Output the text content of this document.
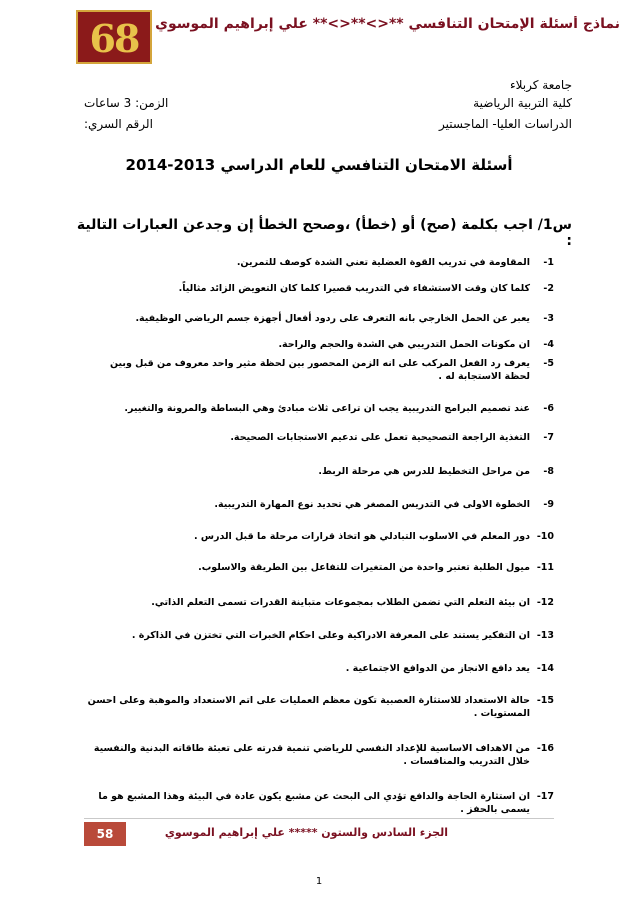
68	نماذج أسئلة الإمتحان التنافسي **<>**<>** علي إبراهيم الموسوي
جامعة كربلاء
كلية التربية الرياضية
الدراسات العليا- الماجستير
الزمن: 3 ساعات
الرقم السري:
أسئلة الامتحان التنافسي للعام الدراسي 2013-2014
س1/ اجب بكلمة (صح) أو (خطأ) ،وصحح الخطأ إن وجدعن العبارات التالية :
1-
المقاومة في تدريب القوة العضلية تعني الشدة كوصف للتمرين.
2-
كلما كان وقت الاستشفاء في التدريب قصيرا كلما كان التعويض الزائد مثالياً.
3-
يعبر عن الحمل الخارجي بانه التعرف على ردود أفعال أجهزة جسم الرياضي الوظيفية.
4-
ان مكونات الحمل التدريبي هي الشدة والحجم والراحة.
5-
يعرف رد الفعل المركب على انه الزمن المحصور بين لحظة مثير واحد معروف من قبل وبين لحظة الاستجابة له .
6-
عند تصميم البرامج التدريبية يجب ان تراعى ثلاث مبادئ وهي البساطة والمرونة والتغيير.
7-
التغذية الراجعة التصحيحية تعمل على تدعيم الاستجابات الصحيحة.
8-
من مراحل التخطيط للدرس هي مرحلة الربط.
9-
الخطوة الاولى في التدريس المصغر هي تحديد نوع المهارة التدريبية.
10-
دور المعلم في الاسلوب التبادلي هو اتخاذ قرارات مرحلة ما قبل الدرس .
11-
ميول الطلبة تعتبر واحدة من المتغيرات للتفاعل بين الطريقة والاسلوب.
12-
ان بيئة التعلم التي تضمن الطلاب بمجموعات متباينة القدرات تسمى التعلم الذاتي.
13-
ان التفكير يستند على المعرفة الادراكية وعلى احكام الخبرات التي تختزن في الذاكرة .
14-
يعد دافع الانجاز من الدوافع الاجتماعية .
15-
حالة الاستعداد للاستثارة العصبية تكون معظم العمليات على اتم الاستعداد والموهبة وعلى احسن المستويات .
16-
من الاهداف الاساسية للإعداد النفسي للرياضي تنمية قدرته على تعبئة طاقاته البدنية والنفسية خلال التدريب والمنافسات .
17-
ان استثارة الحاجة والدافع تؤدي الى البحث عن مشبع يكون عادة في البيئة وهذا المشبع هو ما يسمى بالحفز .
58	الجزء السادس والستون ***** علي إبراهيم الموسوي
1
